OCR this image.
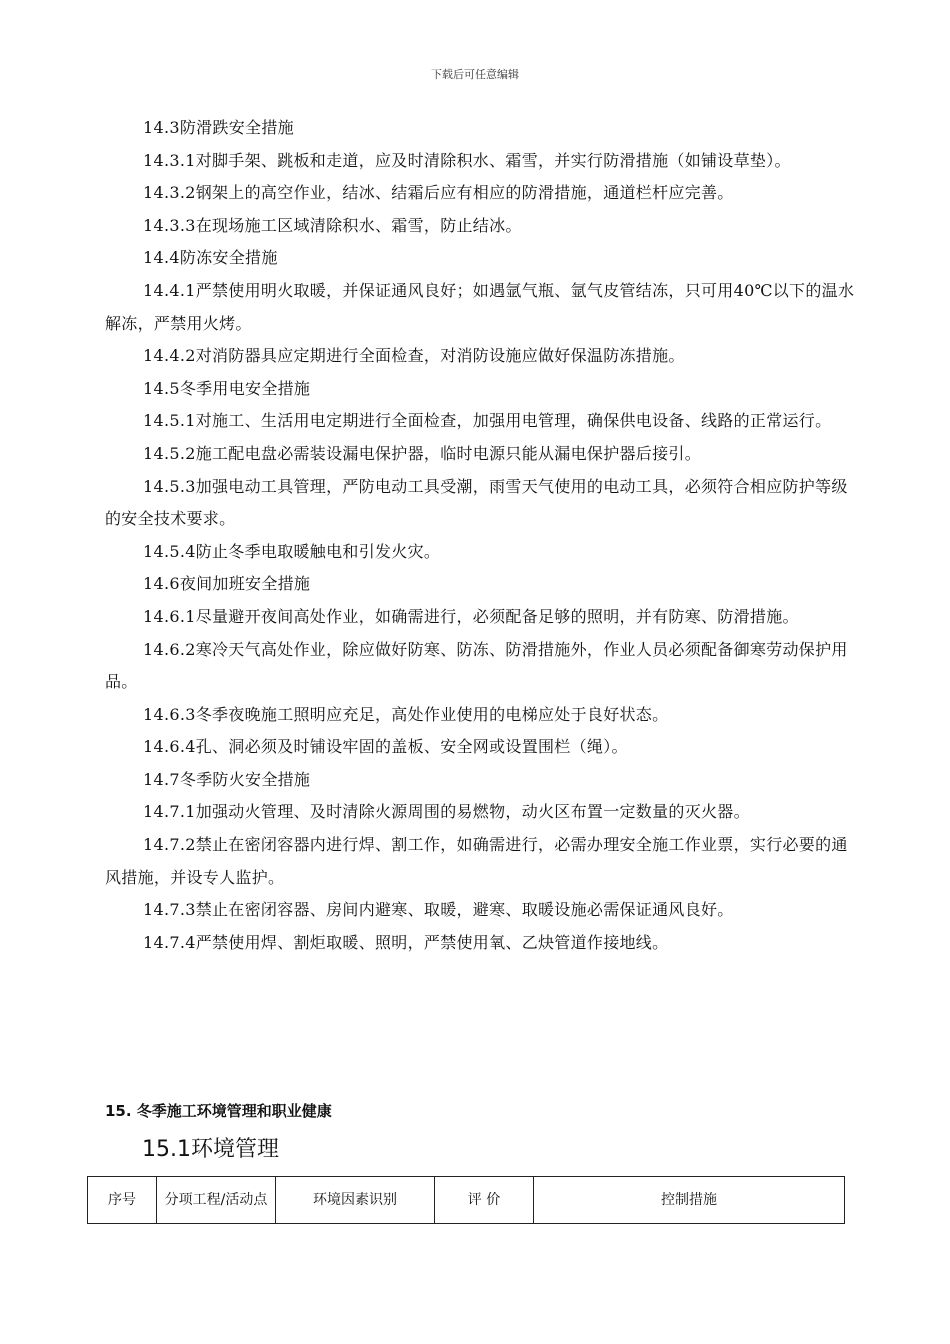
下载后可任意编辑

14.3防滑跌安全措施

14.3.1对脚手架、跳板和走道，应及时清除积水、霜雪，并实行防滑措施（如铺设草垫）。

14.3.2钢架上的高空作业，结冰、结霜后应有相应的防滑措施，通道栏杆应完善。

14.3.3在现场施工区域清除积水、霜雪，防止结冰。

14.4防冻安全措施

14.4.1严禁使用明火取暖，并保证通风良好；如遇氩气瓶、氩气皮管结冻，只可用40℃以下的温水解冻，严禁用火烤。

14.4.2对消防器具应定期进行全面检查，对消防设施应做好保温防冻措施。

14.5冬季用电安全措施

14.5.1对施工、生活用电定期进行全面检查，加强用电管理，确保供电设备、线路的正常运行。

14.5.2施工配电盘必需装设漏电保护器，临时电源只能从漏电保护器后接引。

14.5.3加强电动工具管理，严防电动工具受潮，雨雪天气使用的电动工具，必须符合相应防护等级的安全技术要求。

14.5.4防止冬季电取暖触电和引发火灾。

14.6夜间加班安全措施

14.6.1尽量避开夜间高处作业，如确需进行，必须配备足够的照明，并有防寒、防滑措施。

14.6.2寒冷天气高处作业，除应做好防寒、防冻、防滑措施外，作业人员必须配备御寒劳动保护用品。

14.6.3冬季夜晚施工照明应充足，高处作业使用的电梯应处于良好状态。

14.6.4孔、洞必须及时铺设牢固的盖板、安全网或设置围栏（绳）。

14.7冬季防火安全措施

14.7.1加强动火管理、及时清除火源周围的易燃物，动火区布置一定数量的灭火器。

14.7.2禁止在密闭容器内进行焊、割工作，如确需进行，必需办理安全施工作业票，实行必要的通风措施，并设专人监护。

14.7.3禁止在密闭容器、房间内避寒、取暖，避寒、取暖设施必需保证通风良好。

14.7.4严禁使用焊、割炬取暖、照明，严禁使用氧、乙炔管道作接地线。

15. 冬季施工环境管理和职业健康
15.1环境管理
序号	分项工程/活动点	环境因素识别	评 价	控制措施
